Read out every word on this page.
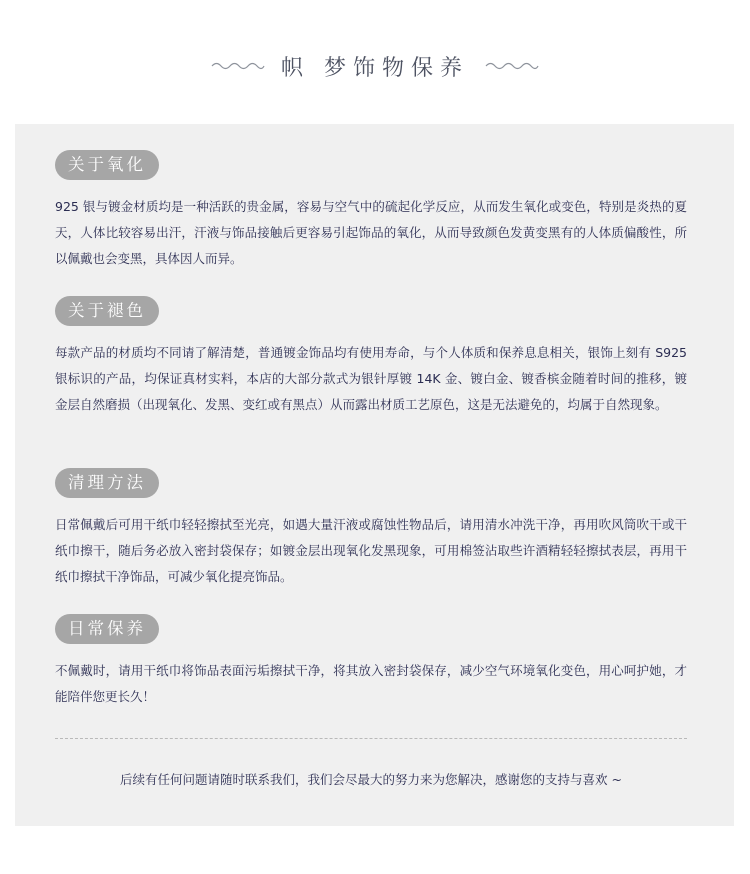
帜 梦饰物保养
关于氧化

925 银与镀金材质均是一种活跃的贵金属，容易与空气中的硫起化学反应，从而发生氧化或变色，特别是炎热的夏天，人体比较容易出汗，汗液与饰品接触后更容易引起饰品的氧化，从而导致颜色发黄变黑有的人体质偏酸性，所以佩戴也会变黑，具体因人而异。

关于褪色

每款产品的材质均不同请了解清楚，普通镀金饰品均有使用寿命，与个人体质和保养息息相关，银饰上刻有 S925 银标识的产品，均保证真材实料，本店的大部分款式为银针厚镀 14K 金、镀白金、镀香槟金随着时间的推移，镀金层自然磨损（出现氧化、发黑、变红或有黑点）从而露出材质工艺原色，这是无法避免的，均属于自然现象。

清理方法

日常佩戴后可用干纸巾轻轻擦拭至光亮，如遇大量汗液或腐蚀性物品后，请用清水冲洗干净，再用吹风筒吹干或干纸巾擦干，随后务必放入密封袋保存；如镀金层出现氧化发黑现象，可用棉签沾取些许酒精轻轻擦拭表层，再用干纸巾擦拭干净饰品，可减少氧化提亮饰品。

日常保养

不佩戴时，请用干纸巾将饰品表面污垢擦拭干净，将其放入密封袋保存，减少空气环境氧化变色，用心呵护她，才能陪伴您更长久！

后续有任何问题请随时联系我们，我们会尽最大的努力来为您解决，感谢您的支持与喜欢 ~
